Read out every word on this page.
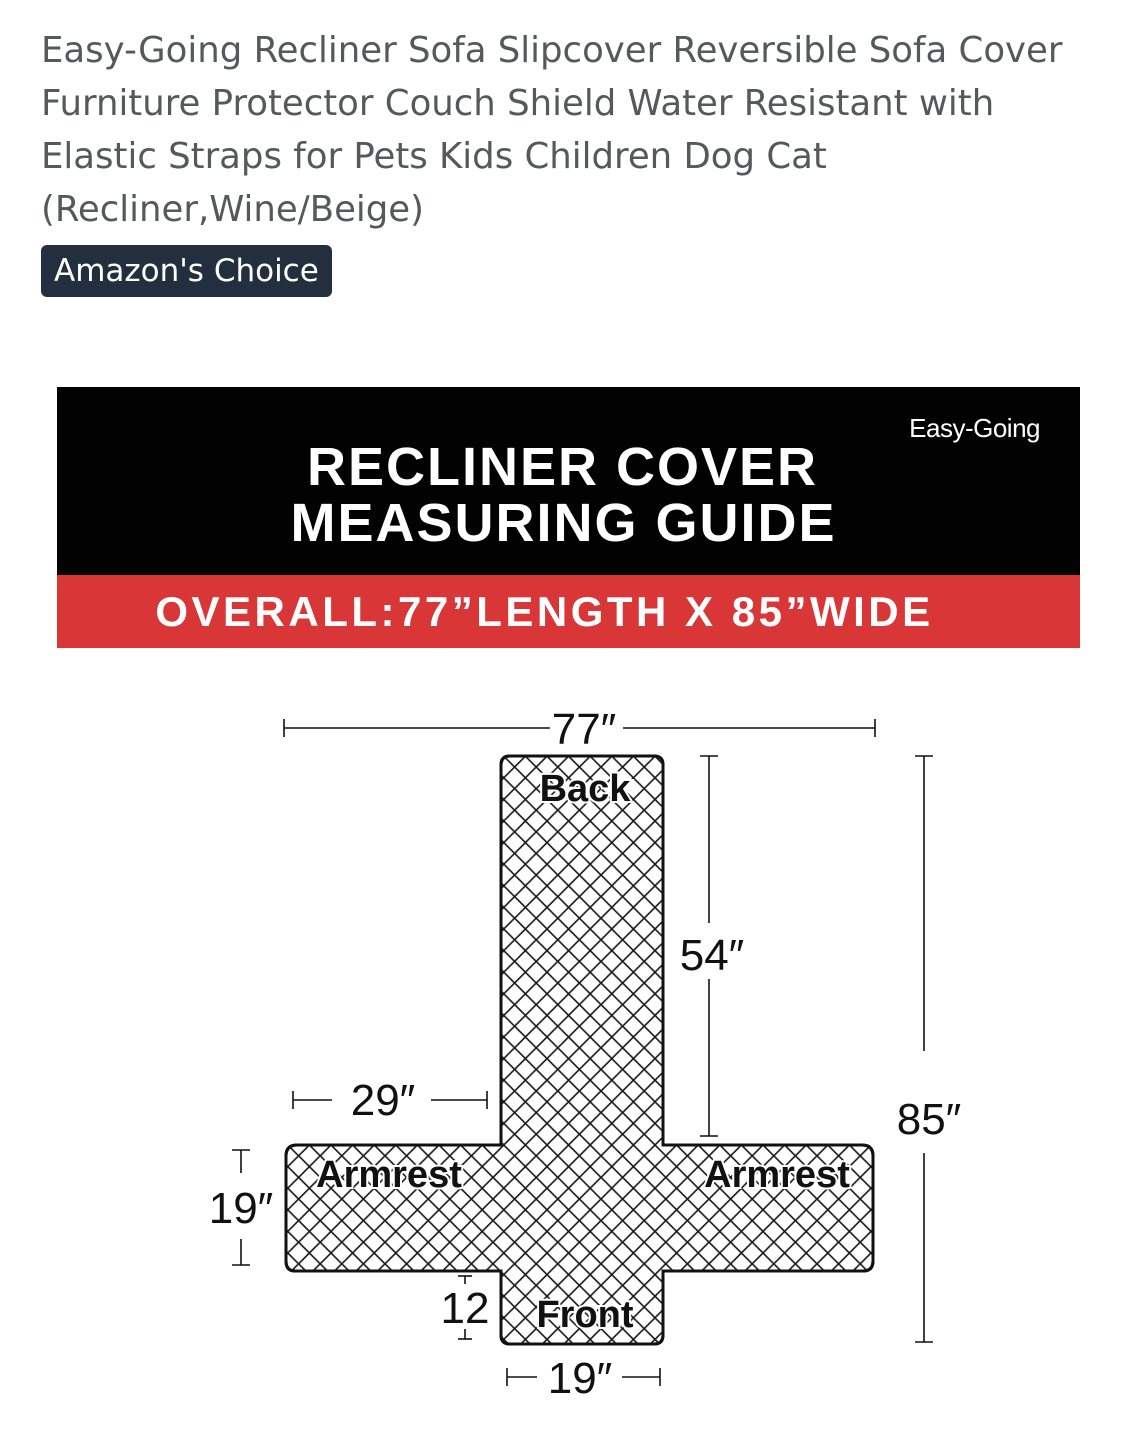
Easy-Going Recliner Sofa Slipcover Reversible Sofa Cover Furniture Protector Couch Shield Water Resistant with Elastic Straps for Pets Kids Children Dog Cat (Recliner,Wine/Beige)
Amazon's Choice
Easy-Going
RECLINER COVER
MEASURING GUIDE
OVERALL:77”LENGTH X 85”WIDE
Back
Armrest	Armrest
Front
77″
54″
29″	85″
19″
12
19″
